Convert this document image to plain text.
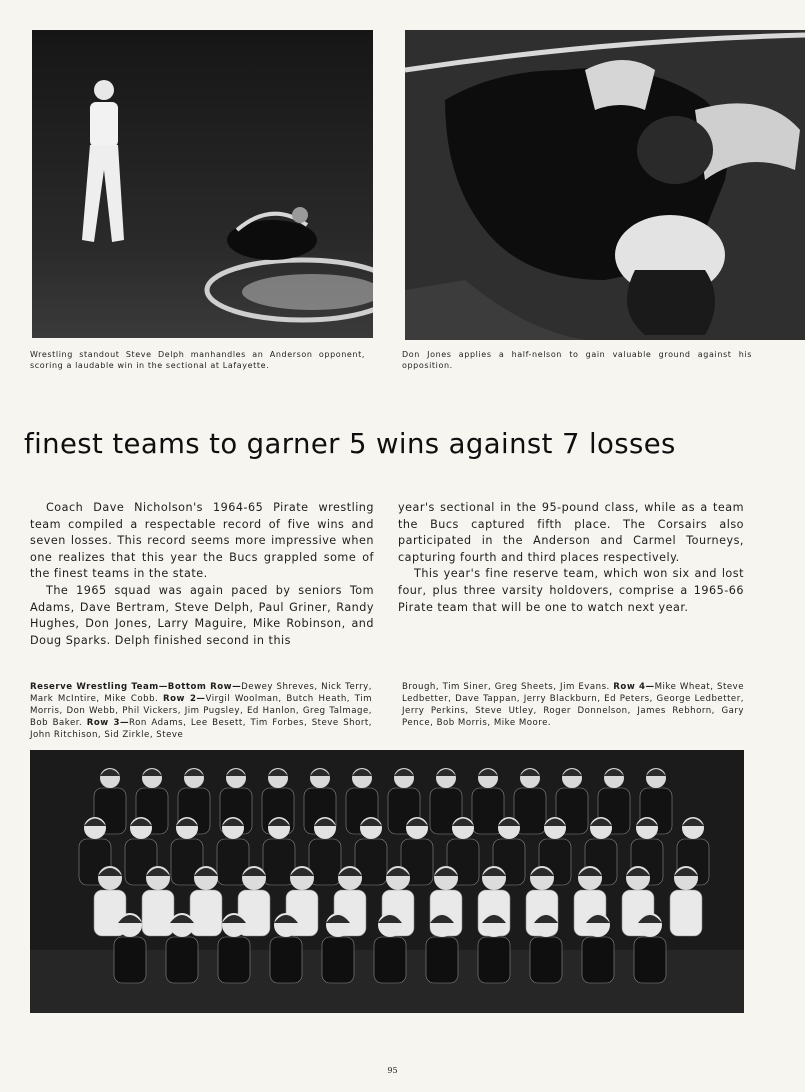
Wrestling standout Steve Delph manhandles an Anderson opponent, scoring a laudable win in the sectional at Lafayette.
Don Jones applies a half-nelson to gain valuable ground against his opposition.
finest teams to garner 5 wins against 7 losses

Coach Dave Nicholson's 1964-65 Pirate wrestling team compiled a respectable record of five wins and seven losses. This record seems more impressive when one realizes that this year the Bucs grappled some of the finest teams in the state.

The 1965 squad was again paced by seniors Tom Adams, Dave Bertram, Steve Delph, Paul Griner, Randy Hughes, Don Jones, Larry Maguire, Mike Robinson, and Doug Sparks. Delph finished second in this

year's sectional in the 95-pound class, while as a team the Bucs captured fifth place. The Corsairs also participated in the Anderson and Carmel Tourneys, capturing fourth and third places respectively.

This year's fine reserve team, which won six and lost four, plus three varsity holdovers, comprise a 1965-66 Pirate team that will be one to watch next year.

Reserve Wrestling Team—Bottom Row—Dewey Shreves, Nick Terry, Mark McIntire, Mike Cobb. Row 2—Virgil Woolman, Butch Heath, Tim Morris, Don Webb, Phil Vickers, Jim Pugsley, Ed Hanlon, Greg Talmage, Bob Baker. Row 3—Ron Adams, Lee Besett, Tim Forbes, Steve Short, John Ritchison, Sid Zirkle, Steve
Brough, Tim Siner, Greg Sheets, Jim Evans. Row 4—Mike Wheat, Steve Ledbetter, Dave Tappan, Jerry Blackburn, Ed Peters, George Ledbetter, Jerry Perkins, Steve Utley, Roger Donnelson, James Rebhorn, Gary Pence, Bob Morris, Mike Moore.
95
